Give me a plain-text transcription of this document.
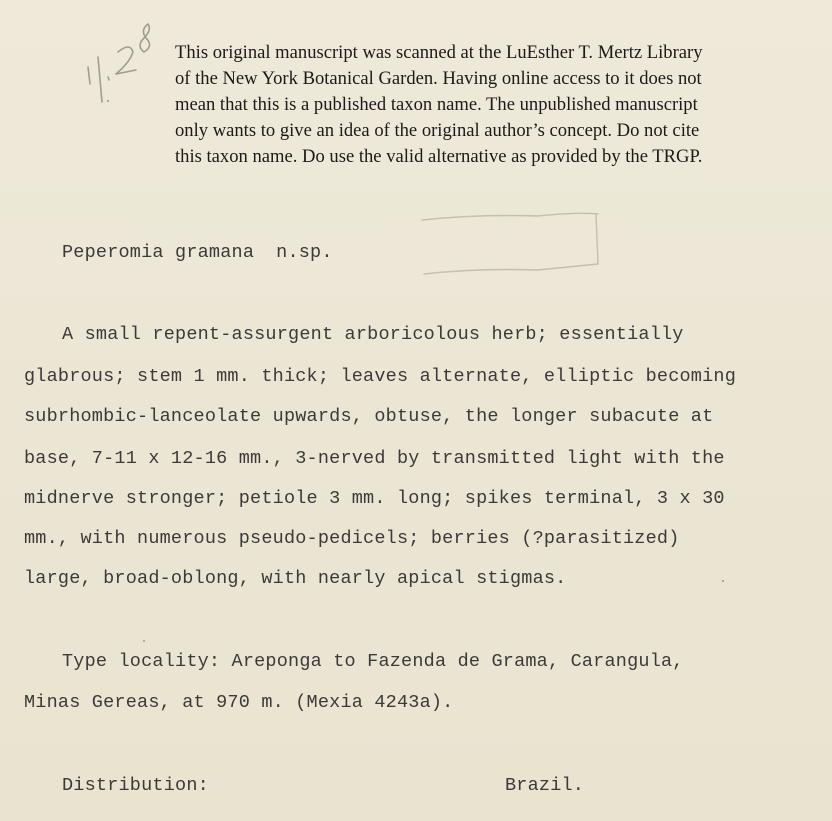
This original manuscript was scanned at the LuEsther T. Mertz Library
of the New York Botanical Garden. Having online access to it does not
mean that this is a published taxon name. The unpublished manuscript
only wants to give an idea of the original author’s concept. Do not cite
this taxon name. Do use the valid alternative as provided by the TRGP.
Peperomia gramana n.sp.
A small repent-assurgent arboricolous herb; essentially
glabrous; stem 1 mm. thick; leaves alternate, elliptic becoming
subrhombic-lanceolate upwards, obtuse, the longer subacute at
base, 7-11 x 12-16 mm., 3-nerved by transmitted light with the
midnerve stronger; petiole 3 mm. long; spikes terminal, 3 x 30
mm., with numerous pseudo-pedicels; berries (?parasitized)
large, broad-oblong, with nearly apical stigmas.
Type locality: Areponga to Fazenda de Grama, Carangula,
Minas Gereas, at 970 m. (Mexia 4243a).
Distribution:	Brazil.
